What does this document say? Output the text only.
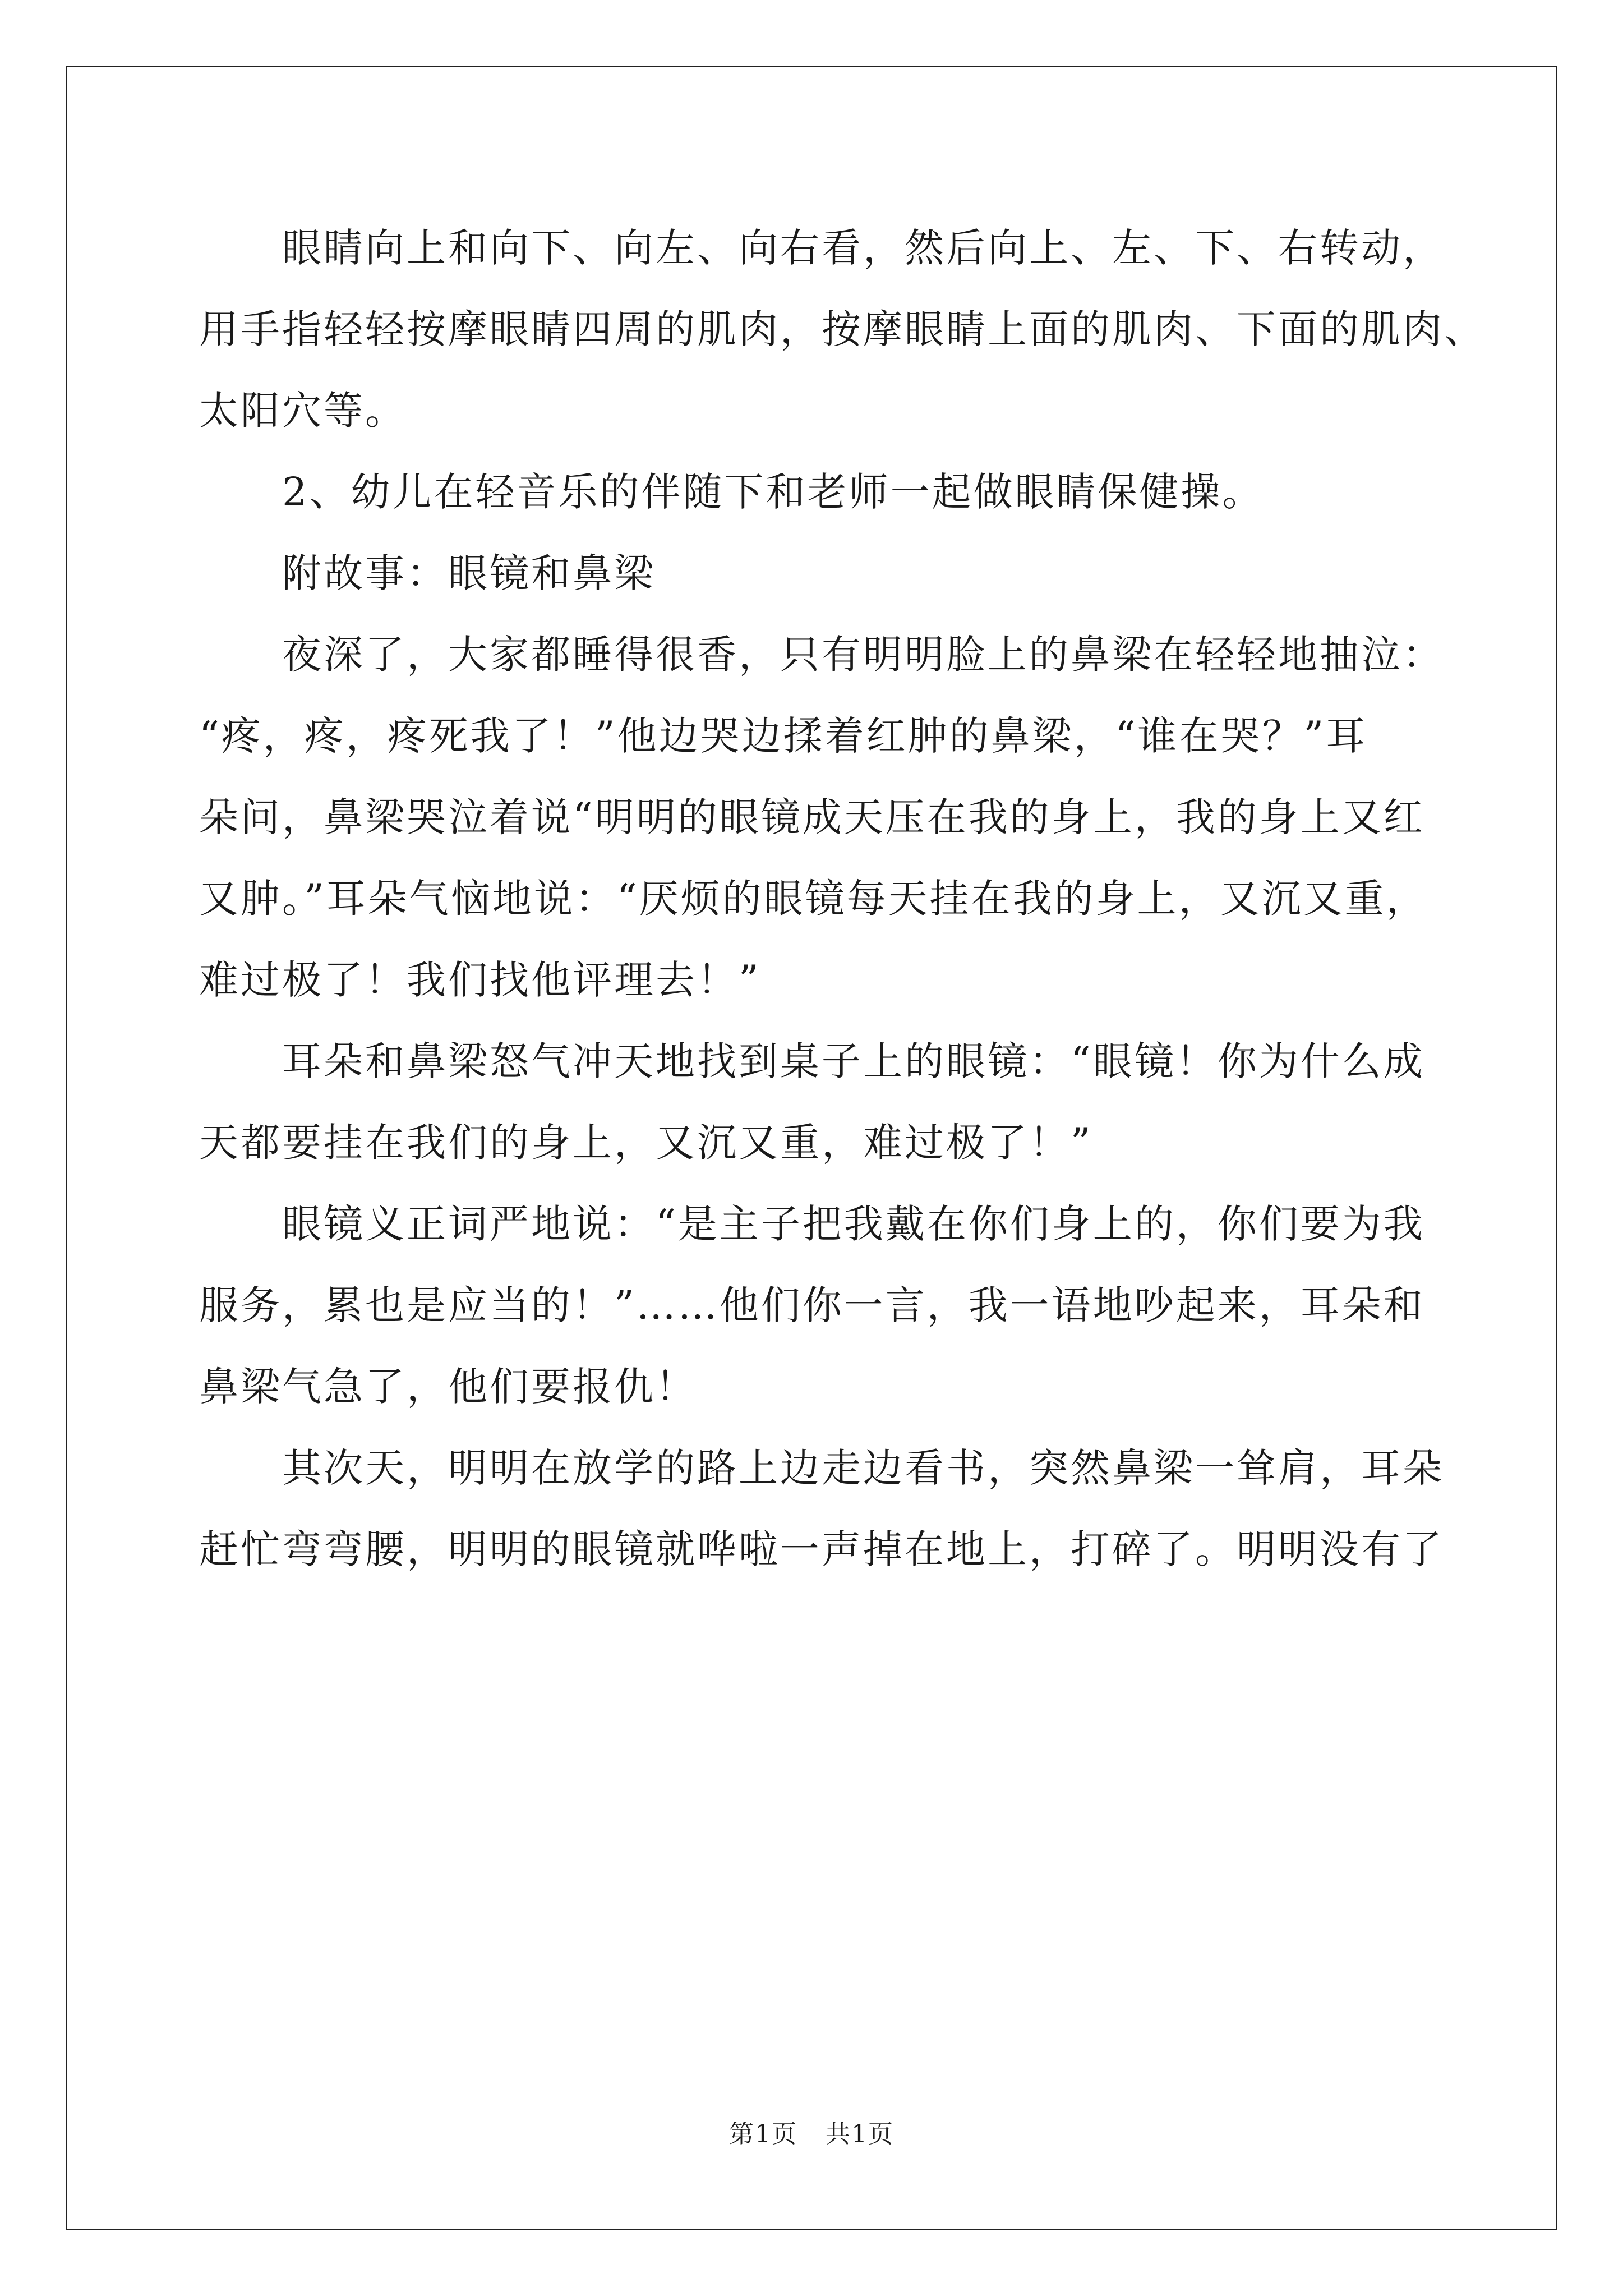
眼睛向上和向下、向左、向右看，然后向上、左、下、右转动，

用手指轻轻按摩眼睛四周的肌肉，按摩眼睛上面的肌肉、下面的肌肉、

太阳穴等。

2、幼儿在轻音乐的伴随下和老师一起做眼睛保健操。

附故事：眼镜和鼻梁

夜深了，大家都睡得很香，只有明明脸上的鼻梁在轻轻地抽泣：

“疼，疼，疼死我了！”他边哭边揉着红肿的鼻梁，“谁在哭？”耳

朵问，鼻梁哭泣着说“明明的眼镜成天压在我的身上，我的身上又红

又肿。”耳朵气恼地说：“厌烦的眼镜每天挂在我的身上，又沉又重，

难过极了！我们找他评理去！”

耳朵和鼻梁怒气冲天地找到桌子上的眼镜：“眼镜！你为什么成

天都要挂在我们的身上，又沉又重，难过极了！”

眼镜义正词严地说：“是主子把我戴在你们身上的，你们要为我

服务，累也是应当的！”……他们你一言，我一语地吵起来，耳朵和

鼻梁气急了，他们要报仇！

其次天，明明在放学的路上边走边看书，突然鼻梁一耸肩，耳朵

赶忙弯弯腰，明明的眼镜就哗啦一声掉在地上，打碎了。明明没有了

第1页 共1页
